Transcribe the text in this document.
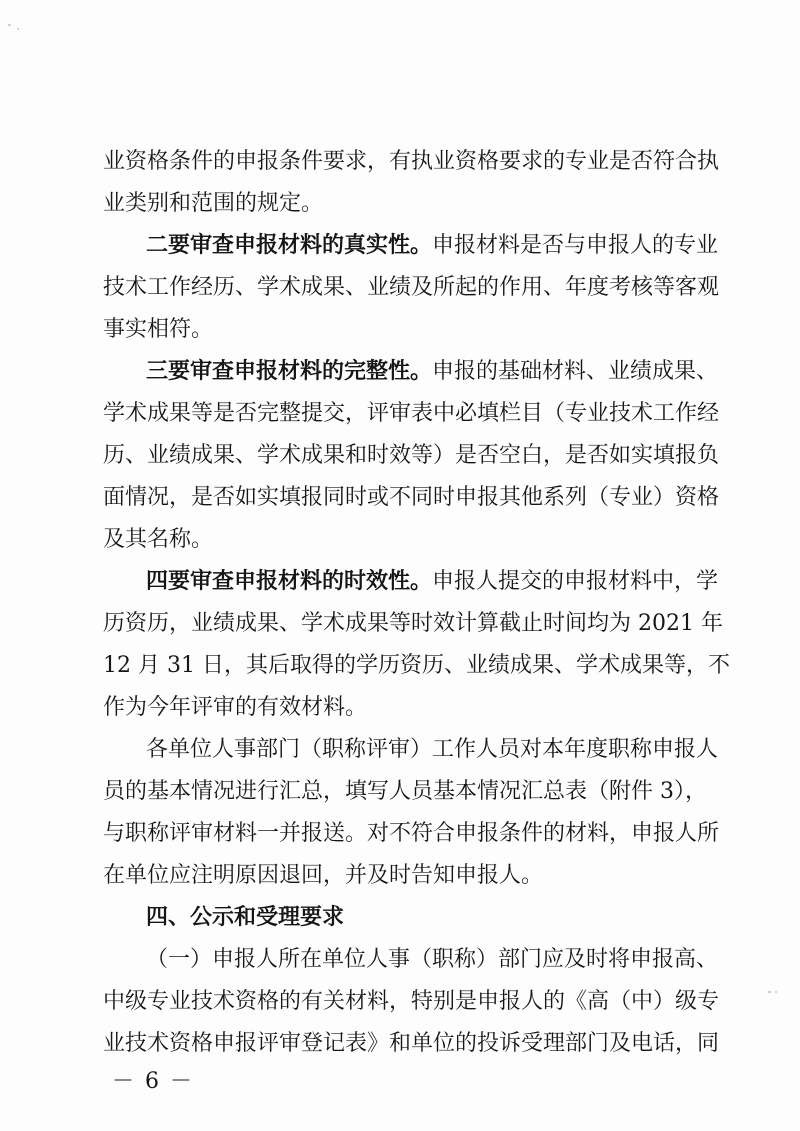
业资格条件的申报条件要求，有执业资格要求的专业是否符合执
业类别和范围的规定。
二要审查申报材料的真实性。申报材料是否与申报人的专业
技术工作经历、学术成果、业绩及所起的作用、年度考核等客观
事实相符。
三要审查申报材料的完整性。申报的基础材料、业绩成果、
学术成果等是否完整提交，评审表中必填栏目（专业技术工作经
历、业绩成果、学术成果和时效等）是否空白，是否如实填报负
面情况，是否如实填报同时或不同时申报其他系列（专业）资格
及其名称。
四要审查申报材料的时效性。申报人提交的申报材料中，学
历资历，业绩成果、学术成果等时效计算截止时间均为 2021 年
12 月 31 日，其后取得的学历资历、业绩成果、学术成果等，不
作为今年评审的有效材料。
各单位人事部门（职称评审）工作人员对本年度职称申报人
员的基本情况进行汇总，填写人员基本情况汇总表（附件 3），
与职称评审材料一并报送。对不符合申报条件的材料，申报人所
在单位应注明原因退回，并及时告知申报人。
四、公示和受理要求
（一）申报人所在单位人事（职称）部门应及时将申报高、
中级专业技术资格的有关材料，特别是申报人的《高（中）级专
业技术资格申报评审登记表》和单位的投诉受理部门及电话，同
－ 6 －
